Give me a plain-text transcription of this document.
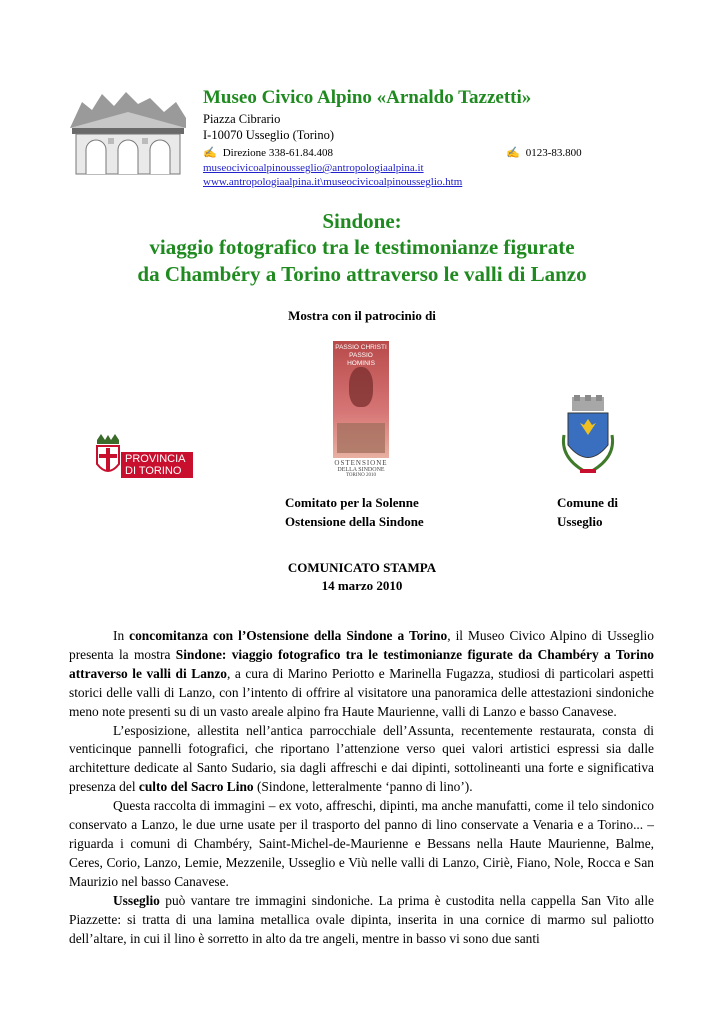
Museo Civico Alpino «Arnaldo Tazzetti»
Piazza Cibrario
I-10070 Usseglio (Torino)
✍ Direzione 338-61.84.408	✍ 0123-83.800
museocivicoalpinousseglio@antropologiaalpina.it
www.antropologiaalpina.it\museocivicoalpinousseglio.htm
Sindone:
viaggio fotografico tra le testimonianze figurate
da Chambéry a Torino attraverso le valli di Lanzo
Mostra con il patrocinio di
PASSIO CHRISTI
PASSIO HOMINIS
OSTENSIONE
DELLA SINDONE
TORINO 2010
PROVINCIA
DI TORINO
Comitato per la Solenne
Ostensione della Sindone
Comune di
Usseglio
COMUNICATO STAMPA
14 marzo 2010

In concomitanza con l’Ostensione della Sindone a Torino, il Museo Civico Alpino di Usseglio presenta la mostra Sindone: viaggio fotografico tra le testimonianze figurate da Chambéry a Torino attraverso le valli di Lanzo, a cura di Marino Periotto e Marinella Fugazza, studiosi di particolari aspetti storici delle valli di Lanzo, con l’intento di offrire al visitatore una panoramica delle attestazioni sindoniche meno note presenti su di un vasto areale alpino fra Haute Maurienne, valli di Lanzo e basso Canavese.

L’esposizione, allestita nell’antica parrocchiale dell’Assunta, recentemente restaurata, consta di venticinque pannelli fotografici, che riportano l’attenzione verso quei valori artistici espressi sia dalle architetture dedicate al Santo Sudario, sia dagli affreschi e dai dipinti, sottolineanti una forte e significativa presenza del culto del Sacro Lino (Sindone, letteralmente ‘panno di lino’).

Questa raccolta di immagini – ex voto, affreschi, dipinti, ma anche manufatti, come il telo sindonico conservato a Lanzo, le due urne usate per il trasporto del panno di lino conservate a Venaria e a Torino... – riguarda i comuni di Chambéry, Saint-Michel-de-Maurienne e Bessans nella Haute Maurienne, Balme, Ceres, Corio, Lanzo, Lemie, Mezzenile, Usseglio e Viù nelle valli di Lanzo, Ciriè, Fiano, Nole, Rocca e San Maurizio nel basso Canavese.

Usseglio può vantare tre immagini sindoniche. La prima è custodita nella cappella San Vito alle Piazzette: si tratta di una lamina metallica ovale dipinta, inserita in una cornice di marmo sul paliotto dell’altare, in cui il lino è sorretto in alto da tre angeli, mentre in basso vi sono due santi
